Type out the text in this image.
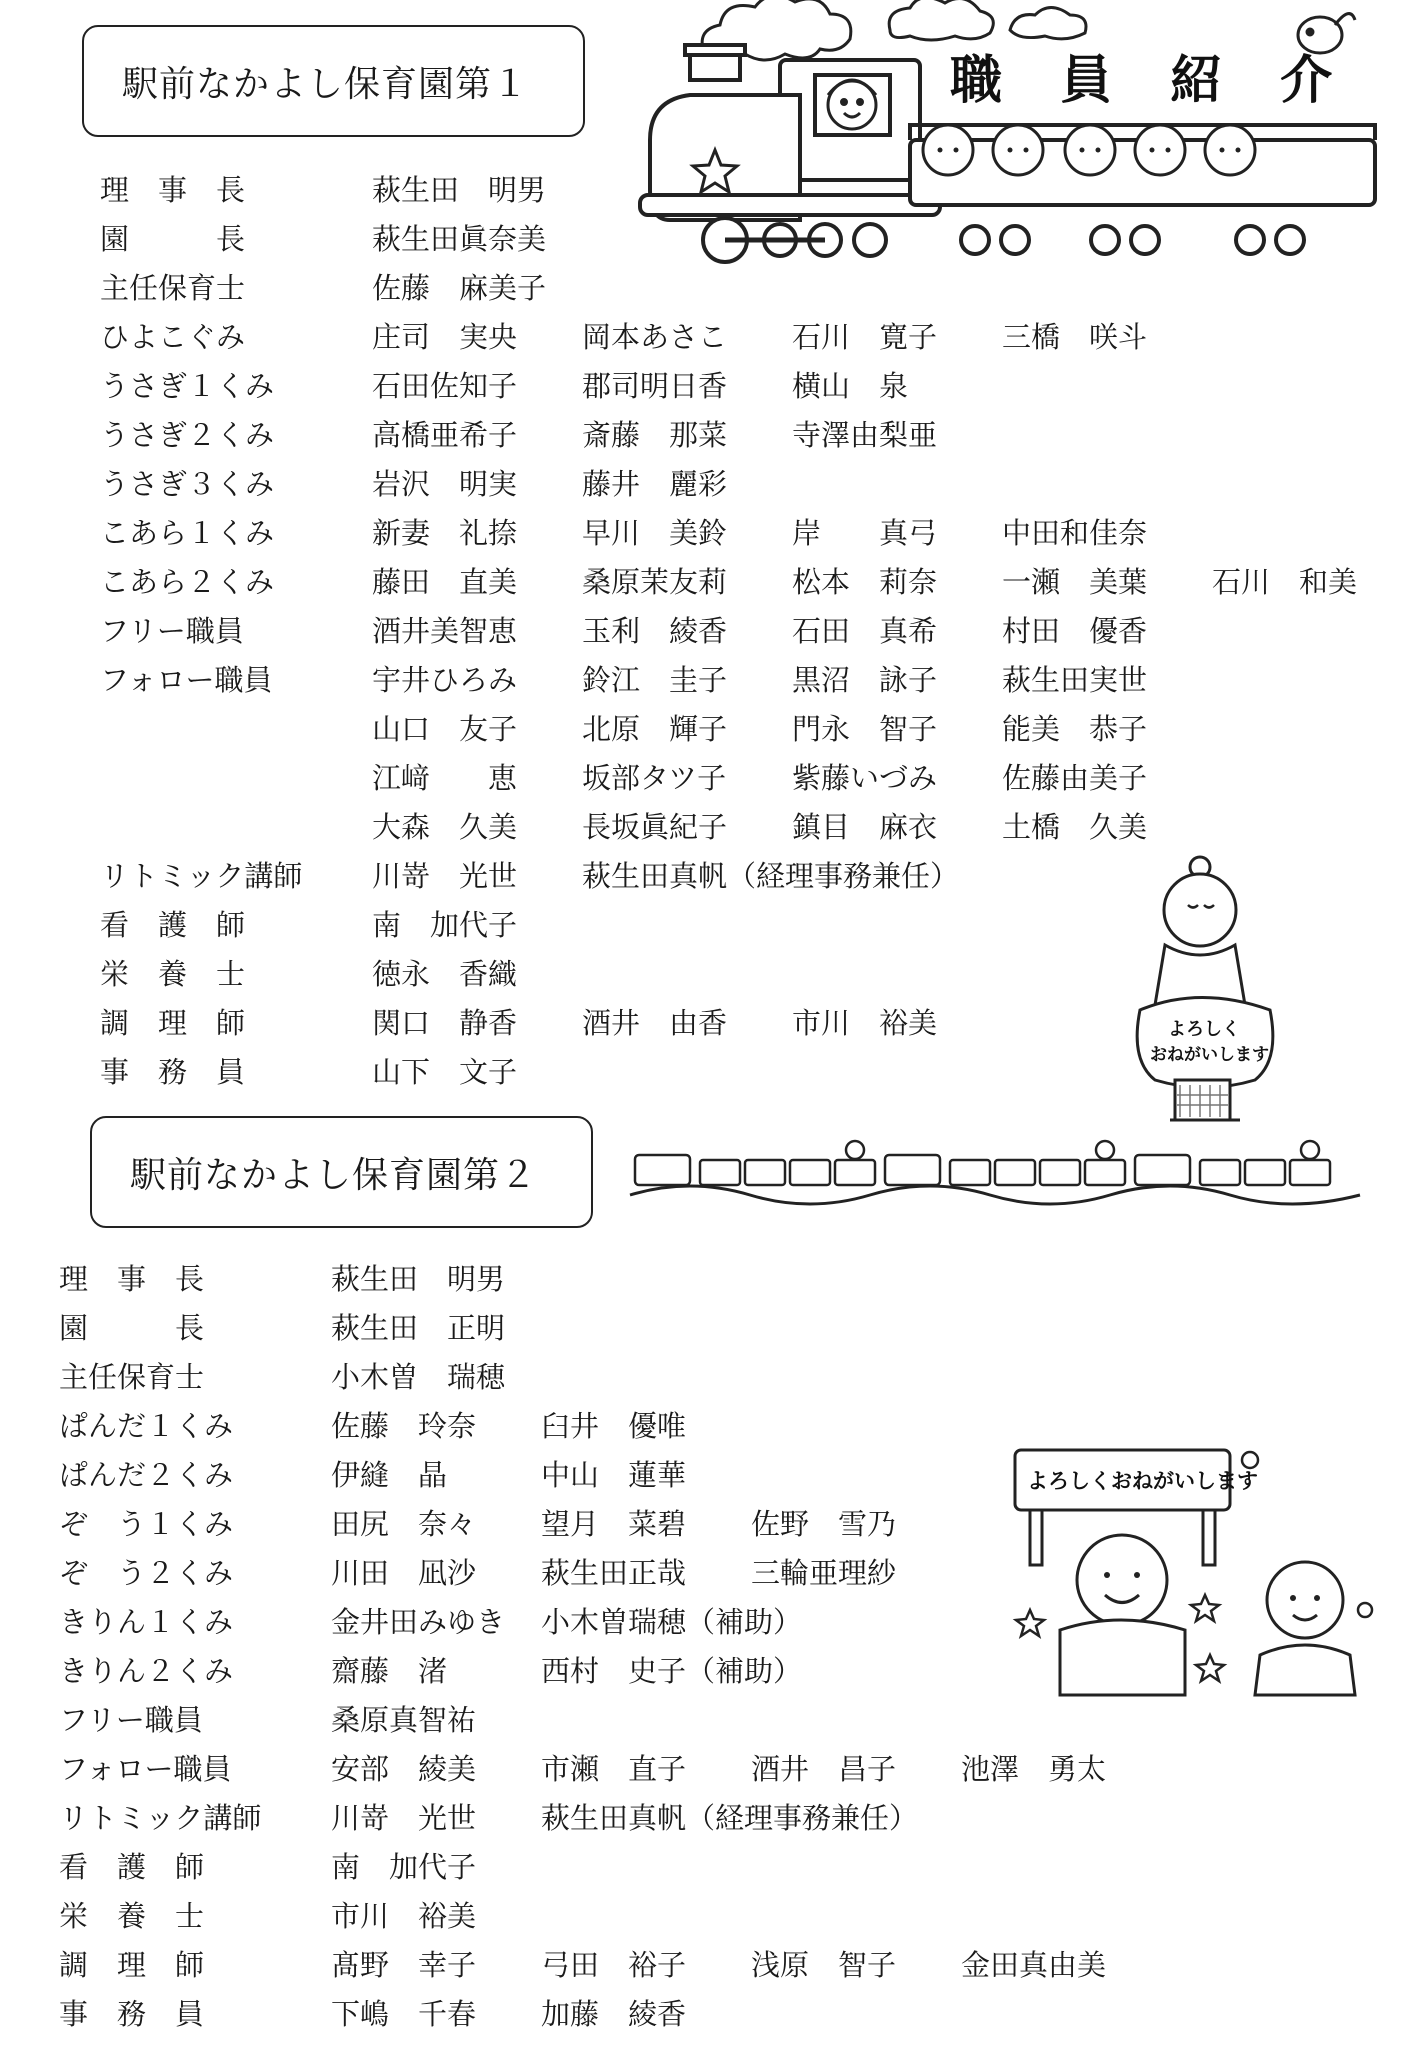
駅前なかよし保育園第１
駅前なかよし保育園第２
理　事　長	萩生田　明男
園　　　長	萩生田眞奈美
主任保育士	佐藤　麻美子
ひよこぐみ	庄司　実央 岡本あさこ 石川　寛子 三橋　咲斗
うさぎ１くみ	石田佐知子 郡司明日香 横山　泉
うさぎ２くみ	高橋亜希子 斎藤　那菜 寺澤由梨亜
うさぎ３くみ	岩沢　明実 藤井　麗彩
こあら１くみ	新妻　礼捺 早川　美鈴 岸　　真弓 中田和佳奈
こあら２くみ	藤田　直美 桑原茉友莉 松本　莉奈 一瀬　美葉 石川　和美
フリー職員	酒井美智恵 玉利　綾香 石田　真希 村田　優香
フォロー職員	宇井ひろみ 鈴江　圭子 黒沼　詠子 萩生田実世
山口　友子 北原　輝子 門永　智子 能美　恭子
江﨑　　恵 坂部タツ子 紫藤いづみ 佐藤由美子
大森　久美 長坂眞紀子 鎮目　麻衣 土橋　久美
リトミック講師 川嵜　光世 萩生田真帆（経理事務兼任）
看　護　師	南　加代子
栄　養　士	徳永　香織
調　理　師	関口　静香 酒井　由香 市川　裕美
事　務　員	山下　文子
理　事　長	萩生田　明男
園　　　長	萩生田　正明
主任保育士	小木曽　瑞穂
ぱんだ１くみ	佐藤　玲奈 臼井　優唯
ぱんだ２くみ	伊縫　晶	中山　蓮華
ぞ　う１くみ	田尻　奈々 望月　菜碧 佐野　雪乃
ぞ　う２くみ	川田　凪沙 萩生田正哉 三輪亜理紗
きりん１くみ	金井田みゆき 小木曽瑞穂（補助）
きりん２くみ	齋藤　渚	西村　史子（補助）
フリー職員	桑原真智祐
フォロー職員	安部　綾美 市瀬　直子 酒井　昌子 池澤　勇太
リトミック講師 川嵜　光世 萩生田真帆（経理事務兼任）
看　護　師	南　加代子
栄　養　士	市川　裕美
調　理　師	髙野　幸子 弓田　裕子 浅原　智子 金田真由美
事　務　員	下嶋　千春 加藤　綾香
職 員 紹 介
よろしく
おねがいします
よろしくおねがいします
